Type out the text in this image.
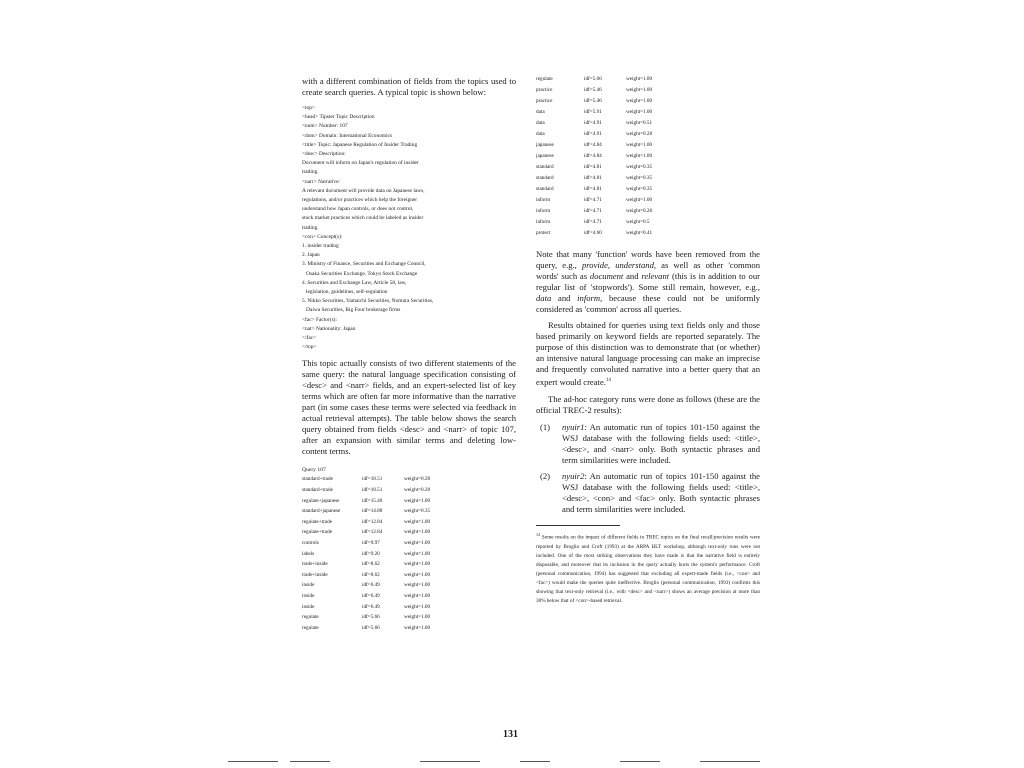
with a different combination of fields from the topics used to create search queries. A typical topic is shown below:

<top>
<head> Tipster Topic Description
<num> Number: 107
<dom> Domain: International Economics
<title> Topic: Japanese Regulation of Insider Trading
<desc> Description:
Document will inform on Japan's regulation of insider
trading.
<narr> Narrative:
A relevant document will provide data on Japanese laws,
regulations, and/or practices which help the foreigner
understand how Japan controls, or does not control,
stock market practices which could be labeled as insider
trading.
<con> Concept(s):
1. insider trading
2. Japan
3. Ministry of Finance, Securities and Exchange Council,
Osaka Securities Exchange, Tokyo Stock Exchange
4. Securities and Exchange Law, Article 58, law,
legislation, guidelines, self-regulation
5. Nikko Securities, Yamaichi Securities, Nomura Securities,
Daiwa Securities, Big Four brokerage firms
<fac> Factor(s):
<nat> Nationality: Japan
</fac>
</top>

This topic actually consists of two different statements of the same query: the natural language specification consisting of <desc> and <narr> fields, and an expert-selected list of key terms which are often far more informative than the narrative part (in some cases these terms were selected via feedback in actual retrieval attempts). The table below shows the search query obtained from fields <desc> and <narr> of topic 107, after an expansion with similar terms and deleting low-content terms.

Query 107
standard+trade	idf=18.51	weight=0.28
standard+trade	idf=18.51	weight=0.28
regulate+japanese	idf=15.40	weight=1.00
standard+japanese	idf=14.88	weight=0.35
regulate+trade	idf=12.84	weight=1.00
regulate+trade	idf=12.84	weight=1.00
controls	idf=9.97	weight=1.00
labels	idf=9.20	weight=1.00
trade+inside	idf=8.62	weight=1.00
trade+inside	idf=8.62	weight=1.00
inside	idf=6.49	weight=1.00
inside	idf=6.49	weight=1.00
inside	idf=6.49	weight=1.00
regulate	idf=5.66	weight=1.00
regulate	idf=5.66	weight=1.00
regulate	idf=5.66	weight=1.00
practice	idf=5.46	weight=1.00
practice	idf=5.46	weight=1.00
data	idf=5.91	weight=1.00
data	idf=4.91	weight=0.51
data	idf=4.91	weight=0.28
japanese	idf=4.84	weight=1.00
japanese	idf=4.84	weight=1.00
standard	idf=4.81	weight=0.35
standard	idf=4.81	weight=0.35
standard	idf=4.81	weight=0.35
inform	idf=4.71	weight=1.00
inform	idf=4.71	weight=0.28
inform	idf=4.71	weight=0.5
protect	idf=4.60	weight=0.41

Note that many 'function' words have been removed from the query, e.g., provide, understand, as well as other 'common words' such as document and relevant (this is in addition to our regular list of 'stopwords'). Some still remain, however, e.g., data and inform, because these could not be uniformly considered as 'common' across all queries.

Results obtained for queries using text fields only and those based primarily on keyword fields are reported separately. The purpose of this distinction was to demonstrate that (or whether) an intensive natural language processing can make an imprecise and frequently convoluted narrative into a better query that an expert would create.$^{14}$

The ad-hoc category runs were done as follows (these are the official TREC-2 results):

(1) nyuir1: An automatic run of topics 101-150 against the WSJ database with the following fields used: <title>, <desc>, and <narr> only. Both syntactic phrases and term similarities were included.
(2) nyuir2: An automatic run of topics 101-150 against the WSJ database with the following fields used: <title>, <desc>, <con> and <fac> only. Both syntactic phrases and term similarities were included.

$^{14}$ Some results on the impact of different fields in TREC topics on the final recall/precision results were reported by Broglio and Croft (1993) at the ARPA HLT workshop, although text-only runs were not included. One of the most striking observations they have made is that the narrative field is entirely disposable, and moreover that its inclusion in the query actually hurts the system's performance. Croft (personal communication, 1994) has suggested that excluding all expert-made fields (i.e., <con> and <fac>) would make the queries quite ineffective. Broglio (personal communication, 1993) confirms this showing that text-only retrieval (i.e., with <desc> and <narr>) shows an average precision at more than 30% below that of <con>-based retrieval.

131
